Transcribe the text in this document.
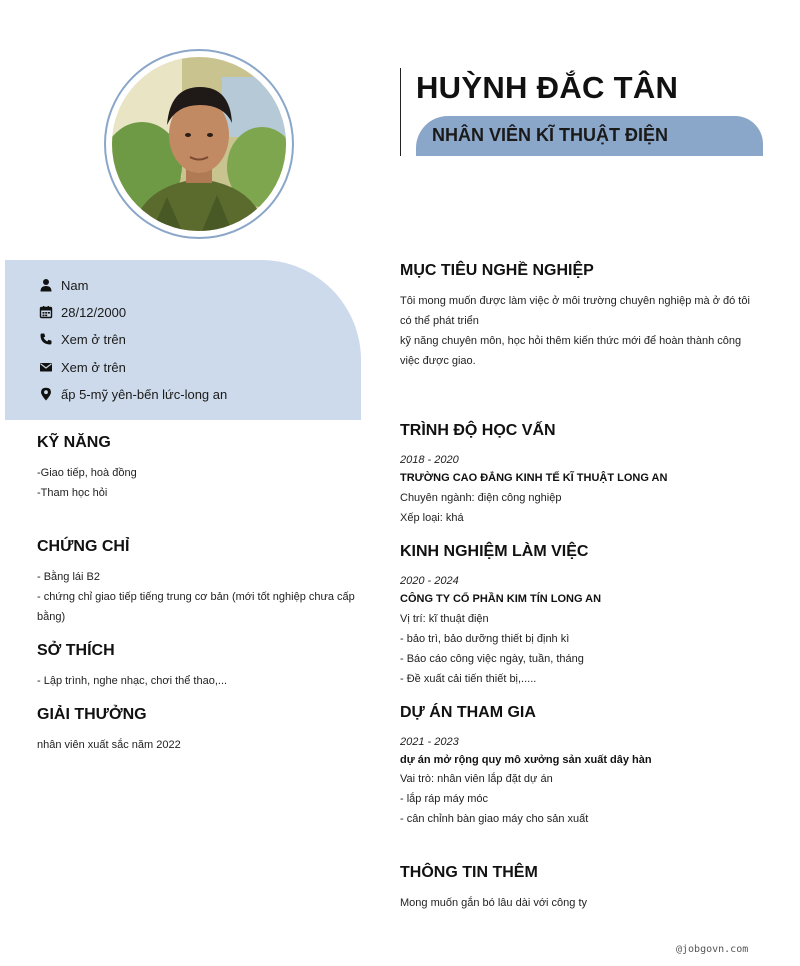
HUỲNH ĐẮC TÂN
NHÂN VIÊN KĨ THUẬT ĐIỆN
Nam
28/12/2000
Xem ở trên
Xem ở trên
ấp 5-mỹ yên-bến lức-long an
KỸ NĂNG
-Giao tiếp, hoà đồng
-Tham học hỏi
CHỨNG CHỈ
- Bằng lái B2
- chứng chỉ giao tiếp tiếng trung cơ bản (mới tốt nghiệp chưa cấp
bằng)
SỞ THÍCH
- Lập trình, nghe nhạc, chơi thể thao,...
GIẢI THƯỞNG
nhân viên xuất sắc năm 2022
MỤC TIÊU NGHỀ NGHIỆP
Tôi mong muốn được làm việc ở môi trường chuyên nghiệp mà ở đó tôi
có thể phát triển
kỹ năng chuyên môn, học hỏi thêm kiến thức mới để hoàn thành công
việc được giao.
TRÌNH ĐỘ HỌC VẤN
2018 - 2020
TRƯỜNG CAO ĐẲNG KINH TẾ KĨ THUẬT LONG AN
Chuyên ngành: điện công nghiệp
Xếp loại: khá
KINH NGHIỆM LÀM VIỆC
2020 - 2024
CÔNG TY CỔ PHẦN KIM TÍN LONG AN
Vị trí: kĩ thuật điện
- bảo trì, bảo dưỡng thiết bị định kì
- Báo cáo công việc ngày, tuần, tháng
- Đề xuất cải tiến thiết bị,.....
DỰ ÁN THAM GIA
2021 - 2023
dự án mở rộng quy mô xưởng sản xuất dây hàn
Vai trò: nhân viên lắp đặt dự án
- lắp ráp máy móc
- cân chỉnh bàn giao máy cho sản xuất
THÔNG TIN THÊM
Mong muốn gắn bó lâu dài với công ty
@jobgovn.com
